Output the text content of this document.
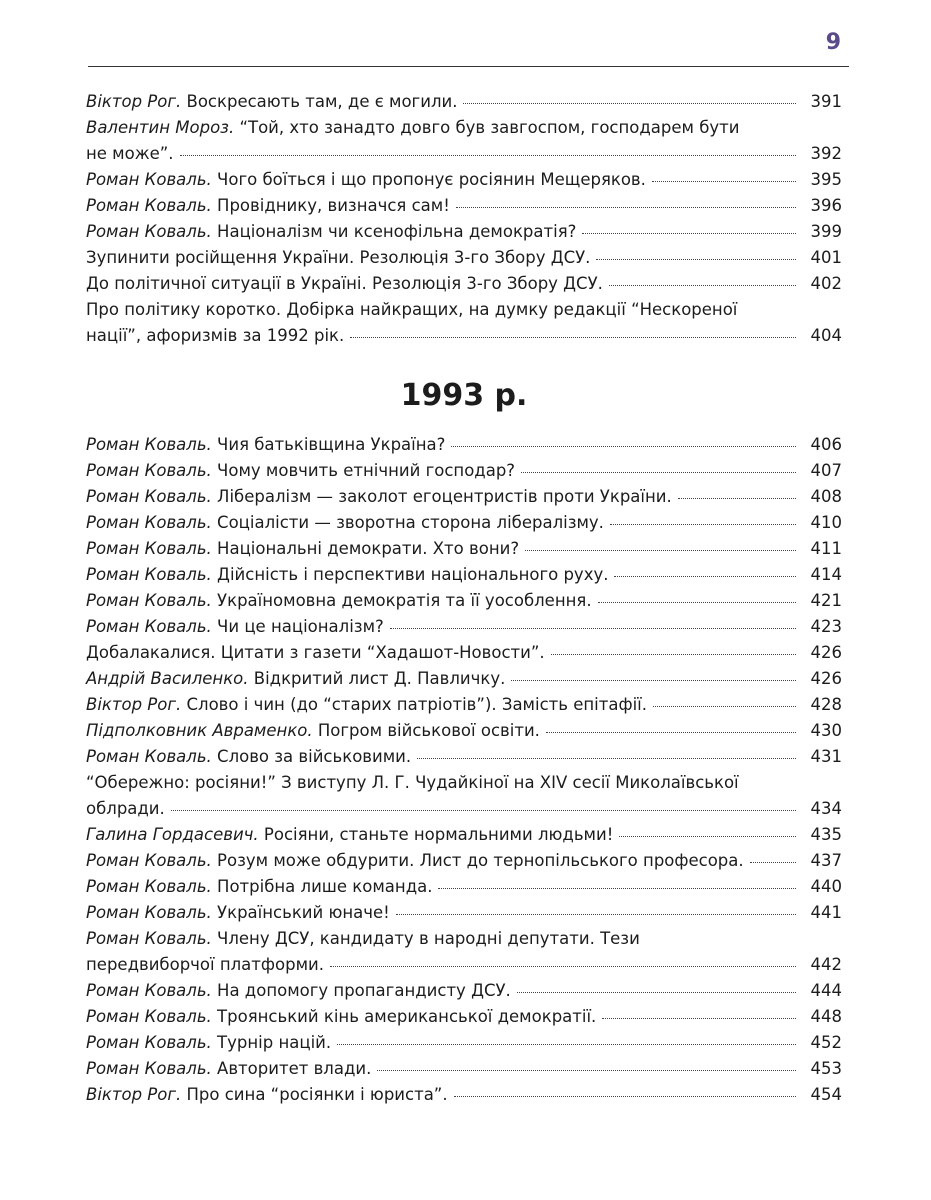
9
Віктор Рог. Воскресають там, де є могили.	391
Валентин Мороз. “Той, хто занадто довго був завгоспом, господарем бути
не може”.	392
Роман Коваль. Чого боїться і що пропонує росіянин Мещеряков.	395
Роман Коваль. Провіднику, визначся сам!	396
Роман Коваль. Націоналізм чи ксенофільна демократія?	399
Зупинити російщення України. Резолюція 3-го Збору ДСУ.	401
До політичної ситуації в Україні. Резолюція 3-го Збору ДСУ.	402
Про політику коротко. Добірка найкращих, на думку редакції “Нескореної
нації”, афоризмів за 1992 рік.	404
1993 р.
Роман Коваль. Чия батьківщина Україна?	406
Роман Коваль. Чому мовчить етнічний господар?	407
Роман Коваль. Лібералізм — заколот егоцентристів проти України.	408
Роман Коваль. Соціалісти — зворотна сторона лібералізму.	410
Роман Коваль. Національні демократи. Хто вони?	411
Роман Коваль. Дійсність і перспективи національного руху.	414
Роман Коваль. Україномовна демократія та її уособлення.	421
Роман Коваль. Чи це націоналізм?	423
Добалакалися. Цитати з газети “Хадашот-Новости”.	426
Андрій Василенко. Відкритий лист Д. Павличку.	426
Віктор Рог. Слово і чин (до “старих патріотів”). Замість епітафії.	428
Підполковник Авраменко. Погром військової освіти.	430
Роман Коваль. Слово за військовими.	431
“Обережно: росіяни!” З виступу Л. Г. Чудайкіної на XIV сесії Миколаївської
облради.	434
Галина Гордасевич. Росіяни, станьте нормальними людьми!	435
Роман Коваль. Розум може обдурити. Лист до тернопільського професора.	437
Роман Коваль. Потрібна лише команда.	440
Роман Коваль. Український юначе!	441
Роман Коваль. Члену ДСУ, кандидату в народні депутати. Тези
передвиборчої платформи.	442
Роман Коваль. На допомогу пропагандисту ДСУ.	444
Роман Коваль. Троянський кінь американської демократії.	448
Роман Коваль. Турнір націй.	452
Роман Коваль. Авторитет влади.	453
Віктор Рог. Про сина “росіянки і юриста”.	454
